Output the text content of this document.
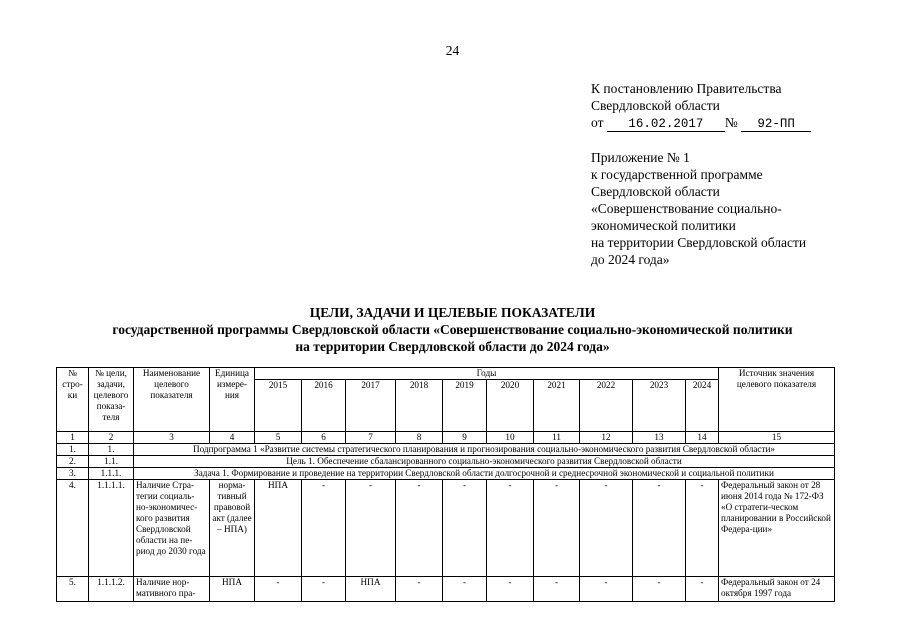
24
К постановлению Правительства
Свердловской области
от 16.02.2017 № 92-ПП
Приложение № 1
к государственной программе
Свердловской области
«Совершенствование социально-
экономической политики
на территории Свердловской области
до 2024 года»
ЦЕЛИ, ЗАДАЧИ И ЦЕЛЕВЫЕ ПОКАЗАТЕЛИ
государственной программы Свердловской области «Совершенствование социально-экономической политики
на территории Свердловской области до 2024 года»
№ стро-ки	№ цели, задачи, целевого показа-теля	Наименование целевого показателя	Единица измере-ния	Годы										Источник значения целевого показателя
				2015	2016	2017	2018	2019	2020	2021	2022	2023	2024	
1	2	3	4	5	6	7	8	9	10	11	12	13	14	15
1.	1.	Подпрограмма 1 «Развитие системы стратегического планирования и прогнозирования социально-экономического развития Свердловской области»												
2.	1.1.	Цель 1. Обеспечение сбалансированного социально-экономического развития Свердловской области												
3.	1.1.1.	Задача 1. Формирование и проведение на территории Свердловской области долгосрочной и среднесрочной экономической и социальной политики												
4.	1.1.1.1.	Наличие Стра-тегии социаль-но-экономичес-кого развития Свердловской области на пе-риод до 2030 года	норма-тивный правовой акт (далее – НПА)	НПА	-	-	-	-	-	-	-	-	-	Федеральный закон от 28 июня 2014 года № 172-ФЗ «О стратеги-ческом планировании в Российской Федера-ции»
5.	1.1.1.2.	Наличие нор-мативного пра-	НПА	-	-	НПА	-	-	-	-	-	-	-	Федеральный закон от 24 октября 1997 года
